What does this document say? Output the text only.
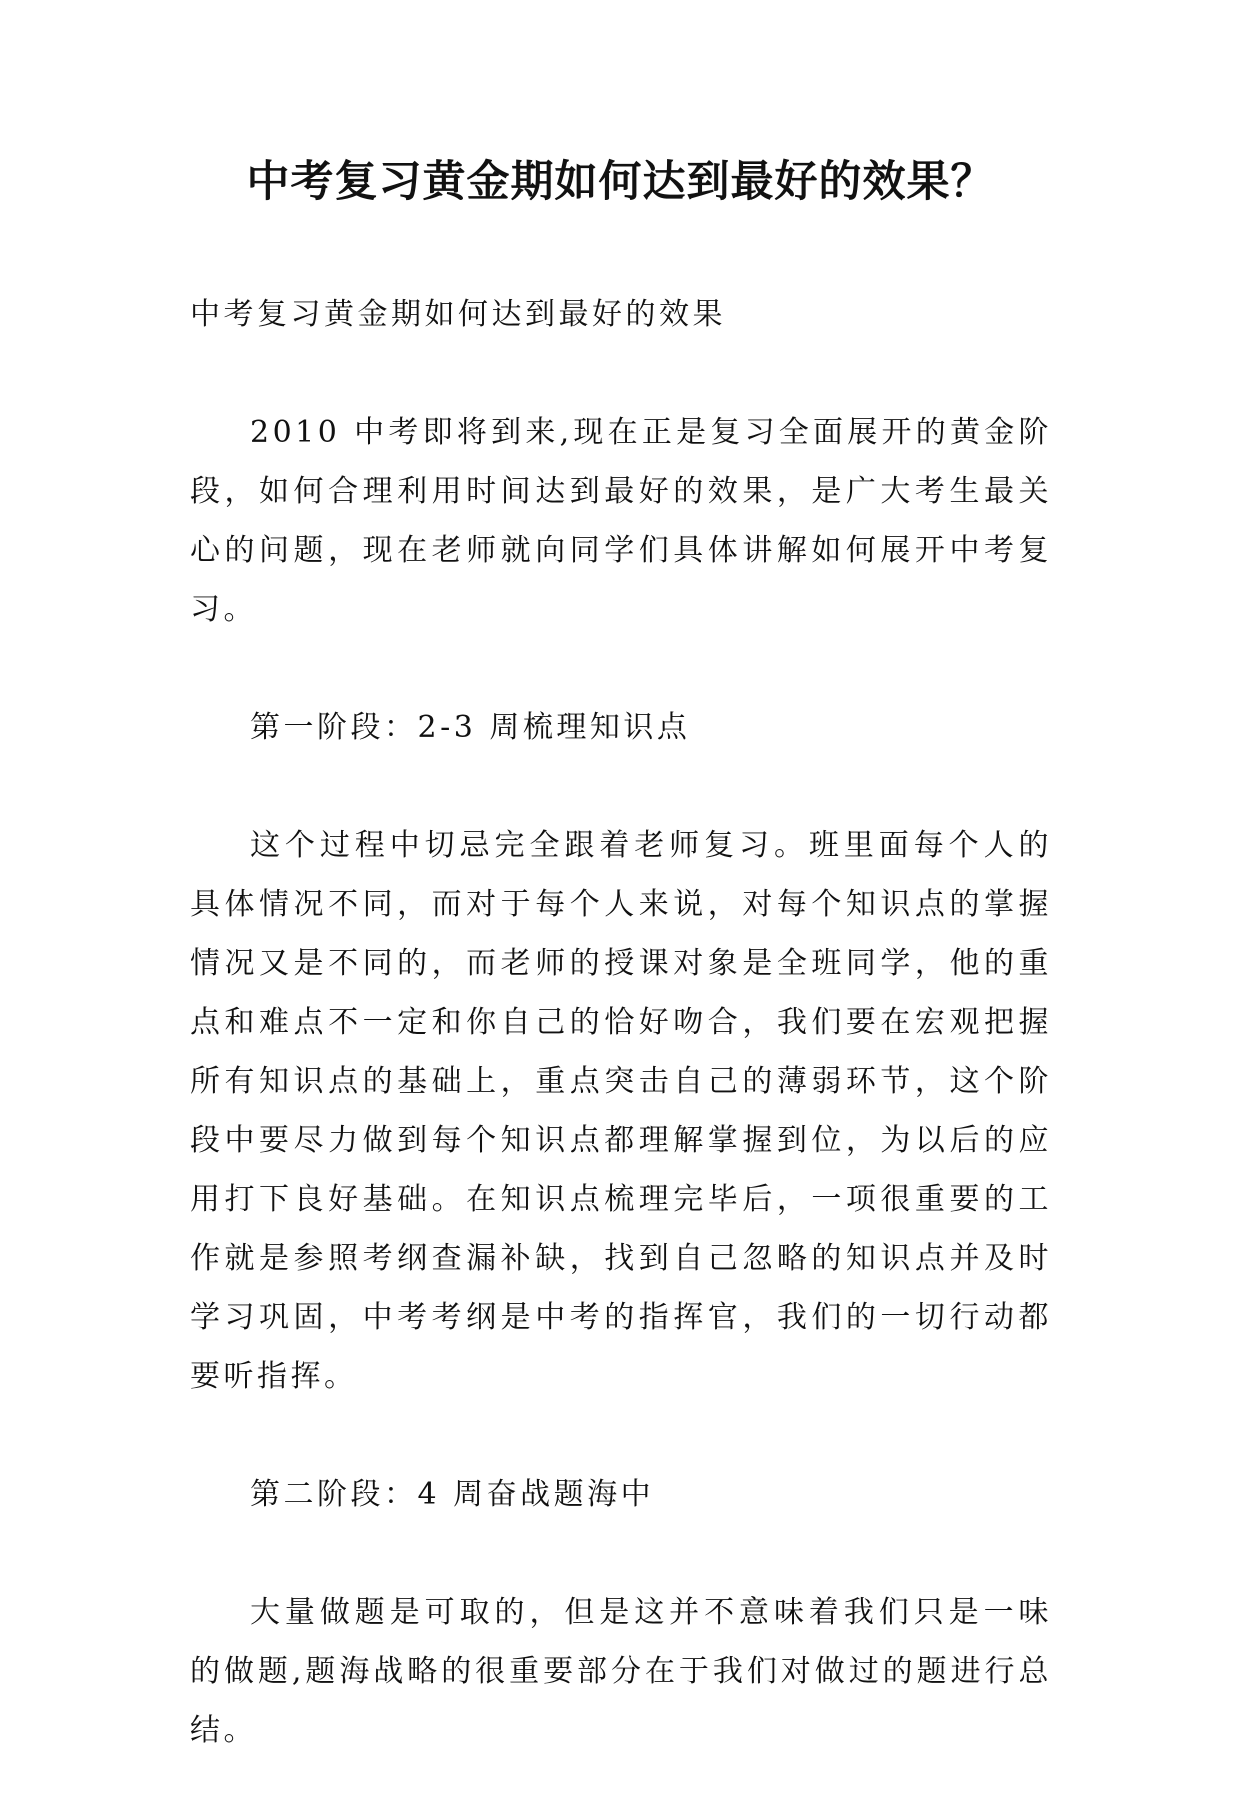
中考复习黄金期如何达到最好的效果？

中考复习黄金期如何达到最好的效果

2010 中考即将到来,现在正是复习全面展开的黄金阶段，如何合理利用时间达到最好的效果，是广大考生最关心的问题，现在老师就向同学们具体讲解如何展开中考复习。

第一阶段：2-3 周梳理知识点

这个过程中切忌完全跟着老师复习。班里面每个人的具体情况不同，而对于每个人来说，对每个知识点的掌握情况又是不同的，而老师的授课对象是全班同学，他的重点和难点不一定和你自己的恰好吻合，我们要在宏观把握所有知识点的基础上，重点突击自己的薄弱环节，这个阶段中要尽力做到每个知识点都理解掌握到位，为以后的应用打下良好基础。在知识点梳理完毕后，一项很重要的工作就是参照考纲查漏补缺，找到自己忽略的知识点并及时学习巩固，中考考纲是中考的指挥官，我们的一切行动都要听指挥。

第二阶段：4 周奋战题海中

大量做题是可取的，但是这并不意味着我们只是一味的做题,题海战略的很重要部分在于我们对做过的题进行总结。
